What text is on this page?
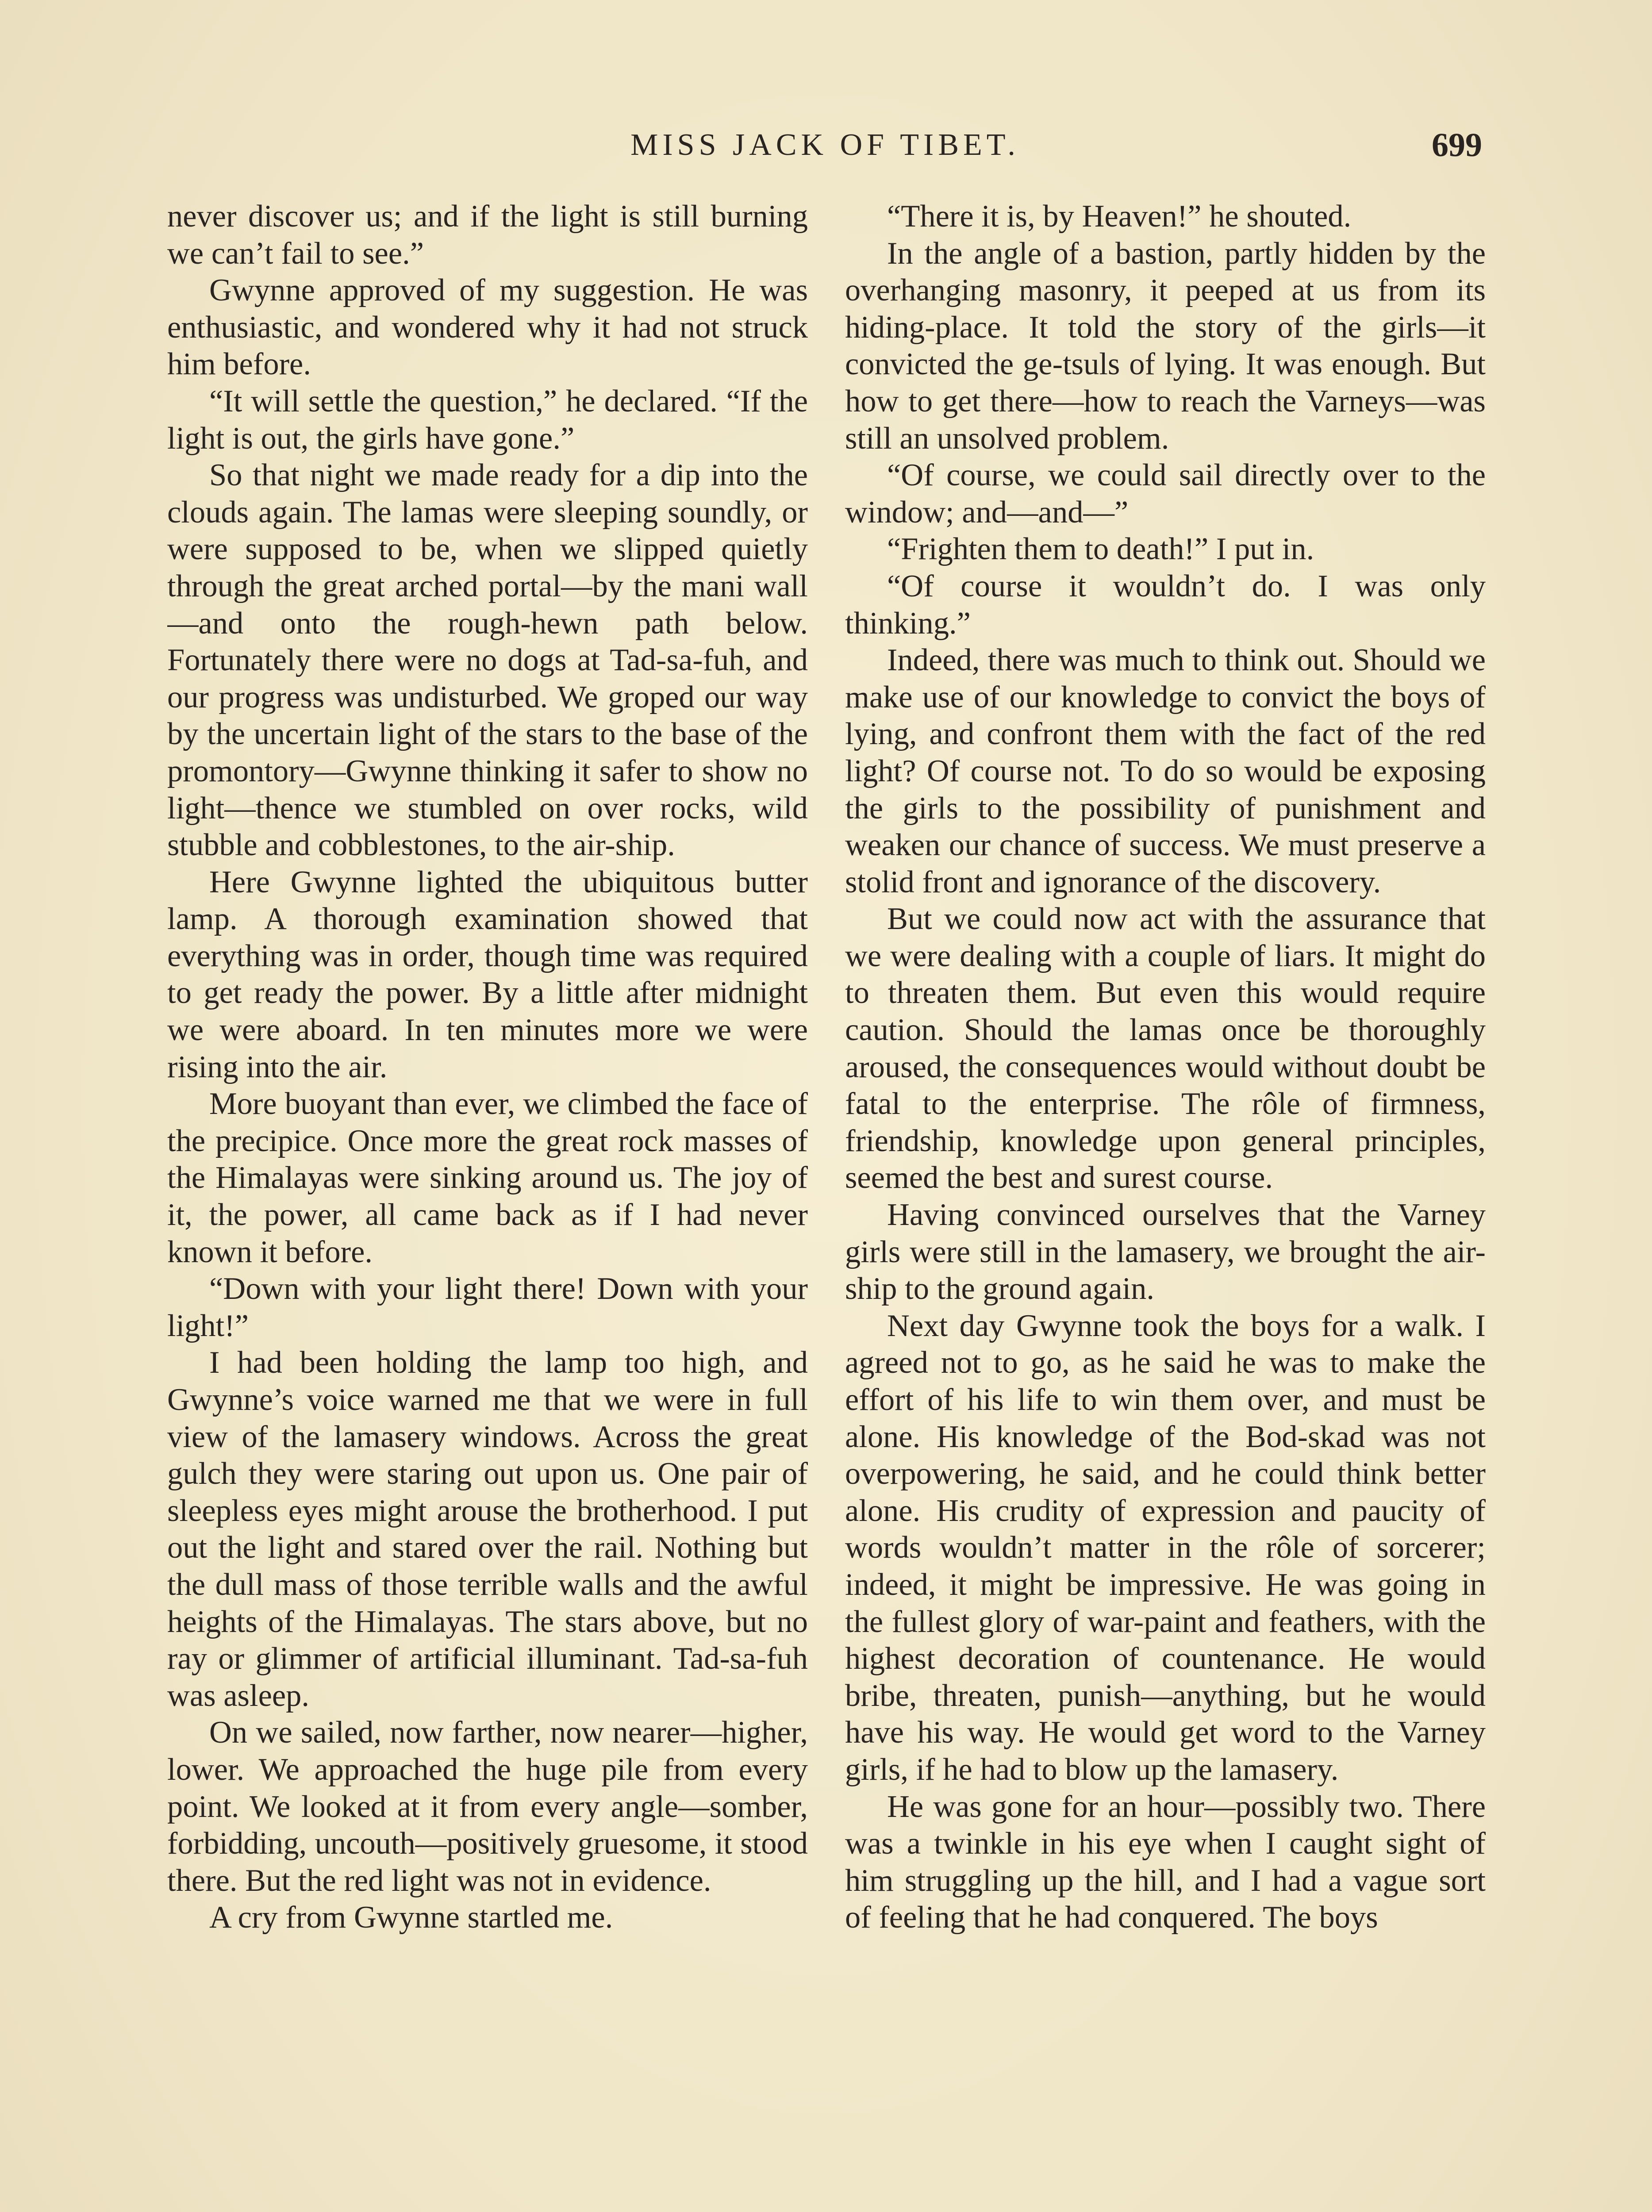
MISS JACK OF TIBET.	699

never discover us; and if the light is still burning we can’t fail to see.”

Gwynne approved of my suggestion. He was enthusiastic, and wondered why it had not struck him before.

“It will settle the question,” he declared. “If the light is out, the girls have gone.”

So that night we made ready for a dip into the clouds again. The lamas were sleeping soundly, or were supposed to be, when we slipped quietly through the great arched portal—by the mani wall—and onto the rough-hewn path below. Fortunately there were no dogs at Tad-sa-fuh, and our progress was undisturbed. We groped our way by the uncertain light of the stars to the base of the promontory—Gwynne thinking it safer to show no light—thence we stumbled on over rocks, wild stubble and cobblestones, to the air-ship.

Here Gwynne lighted the ubiquitous butter lamp. A thorough examination showed that everything was in order, though time was required to get ready the power. By a little after midnight we were aboard. In ten minutes more we were rising into the air.

More buoyant than ever, we climbed the face of the precipice. Once more the great rock masses of the Himalayas were sinking around us. The joy of it, the power, all came back as if I had never known it before.

“Down with your light there! Down with your light!”

I had been holding the lamp too high, and Gwynne’s voice warned me that we were in full view of the lamasery windows. Across the great gulch they were staring out upon us. One pair of sleepless eyes might arouse the brotherhood. I put out the light and stared over the rail. Nothing but the dull mass of those terrible walls and the awful heights of the Himalayas. The stars above, but no ray or glimmer of artificial illuminant. Tad-sa-fuh was asleep.

On we sailed, now farther, now nearer—higher, lower. We approached the huge pile from every point. We looked at it from every angle—somber, forbidding, uncouth—positively gruesome, it stood there. But the red light was not in evidence.

A cry from Gwynne startled me.

“There it is, by Heaven!” he shouted.

In the angle of a bastion, partly hidden by the overhanging masonry, it peeped at us from its hiding-place. It told the story of the girls—it convicted the ge-tsuls of lying. It was enough. But how to get there—how to reach the Varneys—was still an unsolved problem.

“Of course, we could sail directly over to the window; and—and—”

“Frighten them to death!” I put in.

“Of course it wouldn’t do. I was only thinking.”

Indeed, there was much to think out. Should we make use of our knowledge to convict the boys of lying, and confront them with the fact of the red light? Of course not. To do so would be exposing the girls to the possibility of punishment and weaken our chance of success. We must preserve a stolid front and ignorance of the discovery.

But we could now act with the assurance that we were dealing with a couple of liars. It might do to threaten them. But even this would require caution. Should the lamas once be thoroughly aroused, the consequences would without doubt be fatal to the enterprise. The rôle of firmness, friendship, knowledge upon general principles, seemed the best and surest course.

Having convinced ourselves that the Varney girls were still in the lamasery, we brought the air-ship to the ground again.

Next day Gwynne took the boys for a walk. I agreed not to go, as he said he was to make the effort of his life to win them over, and must be alone. His knowledge of the Bod-skad was not overpowering, he said, and he could think better alone. His crudity of expression and paucity of words wouldn’t matter in the rôle of sorcerer; indeed, it might be impressive. He was going in the fullest glory of war-paint and feathers, with the highest decoration of countenance. He would bribe, threaten, punish—anything, but he would have his way. He would get word to the Varney girls, if he had to blow up the lamasery.

He was gone for an hour—possibly two. There was a twinkle in his eye when I caught sight of him struggling up the hill, and I had a vague sort of feeling that he had conquered. The boys
